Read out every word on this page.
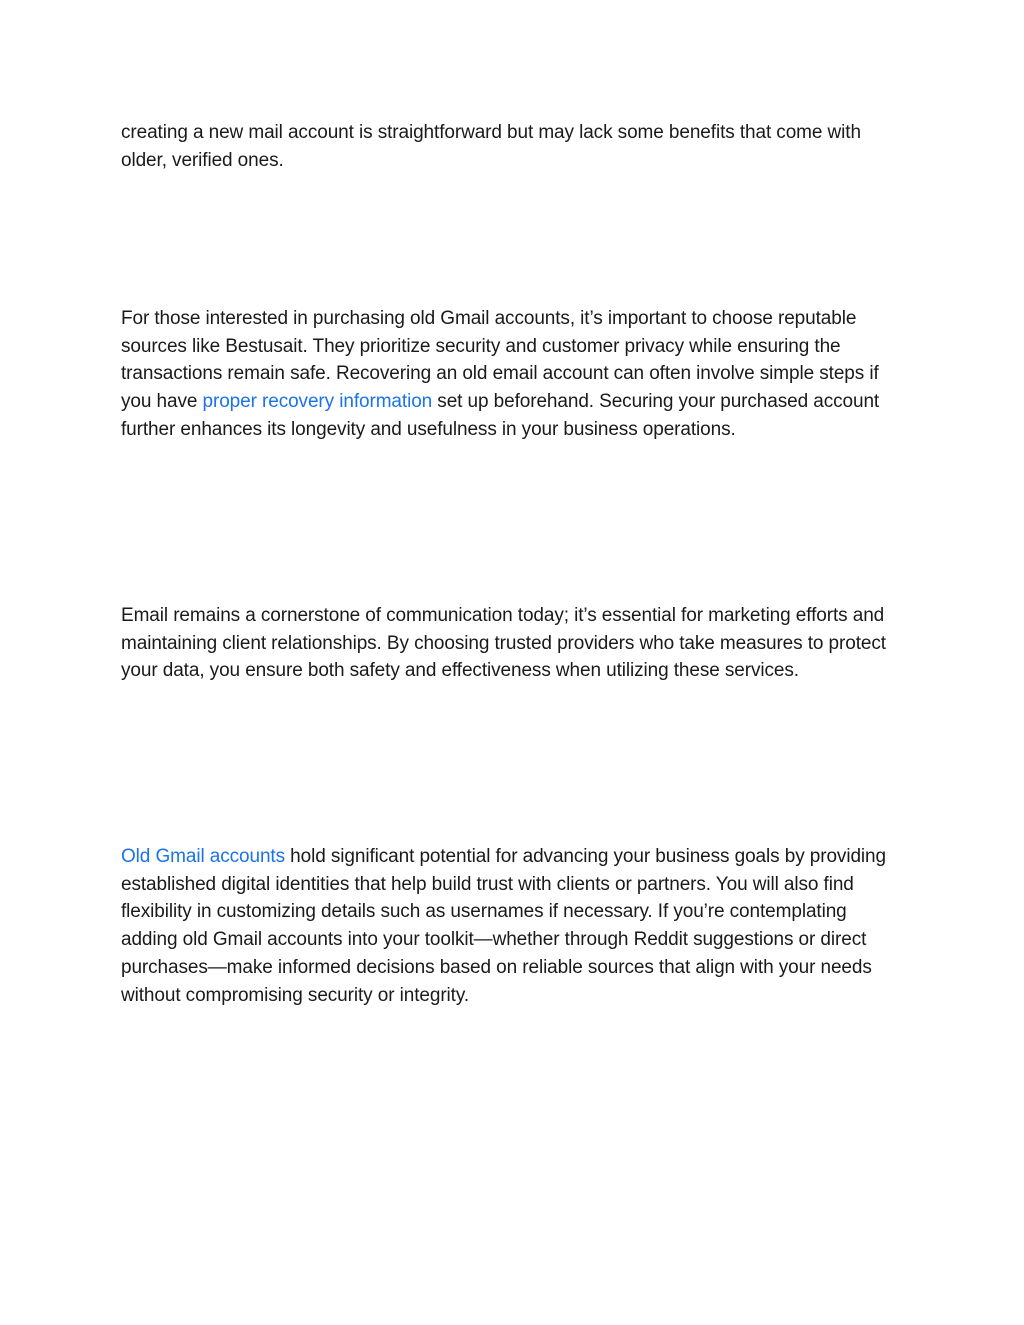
creating a new mail account is straightforward but may lack some benefits that come with older, verified ones.

For those interested in purchasing old Gmail accounts, it’s important to choose reputable sources like Bestusait. They prioritize security and customer privacy while ensuring the transactions remain safe. Recovering an old email account can often involve simple steps if you have proper recovery information set up beforehand. Securing your purchased account further enhances its longevity and usefulness in your business operations.

Email remains a cornerstone of communication today; it’s essential for marketing efforts and maintaining client relationships. By choosing trusted providers who take measures to protect your data, you ensure both safety and effectiveness when utilizing these services.

Old Gmail accounts hold significant potential for advancing your business goals by providing established digital identities that help build trust with clients or partners. You will also find flexibility in customizing details such as usernames if necessary. If you’re contemplating adding old Gmail accounts into your toolkit—whether through Reddit suggestions or direct purchases—make informed decisions based on reliable sources that align with your needs without compromising security or integrity.
